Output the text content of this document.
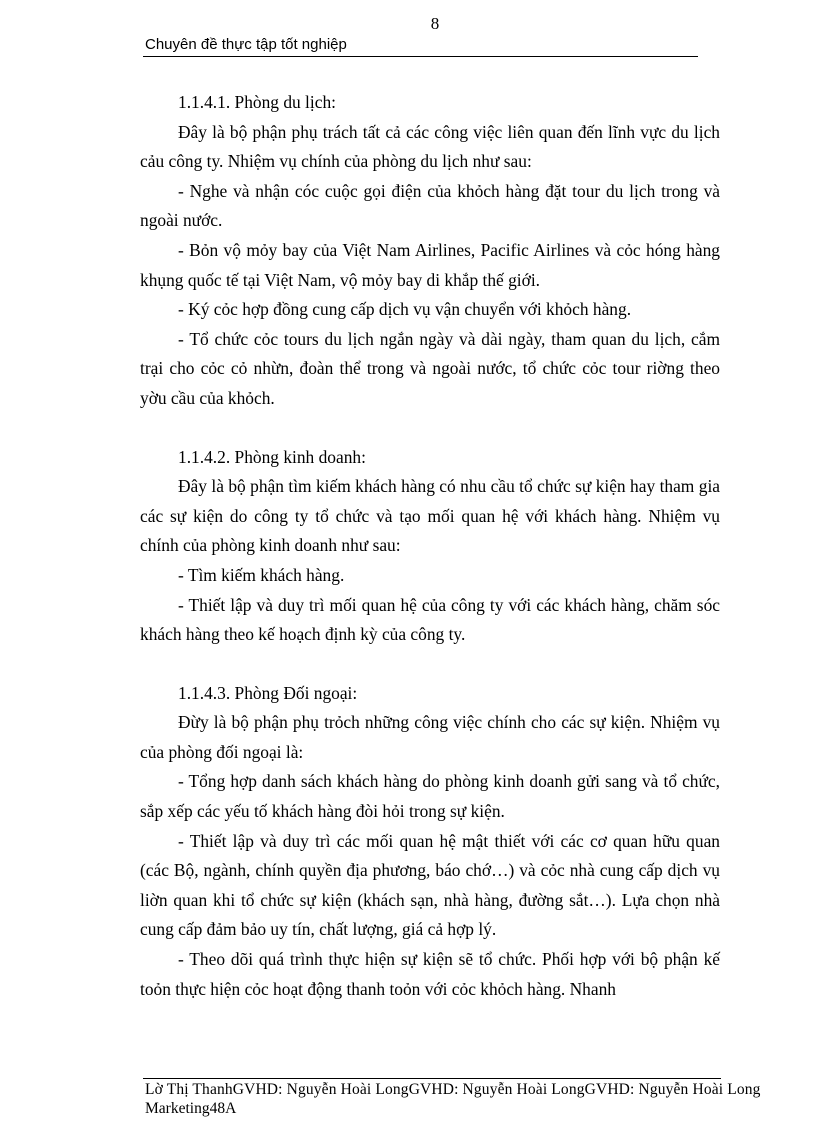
8
Chuyên đề thực tập tốt nghiệp

1.1.4.1. Phòng du lịch:

Đây là bộ phận phụ trách tất cả các công việc liên quan đến lĩnh vực du lịch cảu công ty. Nhiệm vụ chính của phòng du lịch như sau:

- Nghe và nhận cóc cuộc gọi điện của khỏch hàng đặt tour du lịch trong và ngoài nước.

- Bỏn vộ mỏy bay của Việt Nam Airlines, Pacific Airlines và cỏc hóng hàng khụng quốc tế tại Việt Nam, vộ mỏy bay di khắp thế giới.

- Ký cỏc hợp đồng cung cấp dịch vụ vận chuyển với khỏch hàng.

- Tổ chức cỏc tours du lịch ngắn ngày và dài ngày, tham quan du lịch, cắm trại cho cỏc cỏ nhừn, đoàn thể trong và ngoài nước, tổ chức cỏc tour riờng theo yờu cầu của khỏch.

1.1.4.2. Phòng kinh doanh:

Đây là bộ phận tìm kiếm khách hàng có nhu cầu tổ chức sự kiện hay tham gia các sự kiện do công ty tổ chức và tạo mối quan hệ với khách hàng. Nhiệm vụ chính của phòng kinh doanh như sau:

- Tìm kiếm khách hàng.

- Thiết lập và duy trì mối quan hệ của công ty với các khách hàng, chăm sóc khách hàng theo kế hoạch định kỳ của công ty.

1.1.4.3. Phòng Đối ngoại:

Đừy là bộ phận phụ trỏch những công việc chính cho các sự kiện. Nhiệm vụ của phòng đối ngoại là:

- Tổng hợp danh sách khách hàng do phòng kinh doanh gửi sang và tổ chức, sắp xếp các yếu tố khách hàng đòi hỏi trong sự kiện.

- Thiết lập và duy trì các mối quan hệ mật thiết với các cơ quan hữu quan (các Bộ, ngành, chính quyền địa phương, báo chớ…) và cỏc nhà cung cấp dịch vụ liờn quan khi tổ chức sự kiện (khách sạn, nhà hàng, đường sắt…). Lựa chọn nhà cung cấp đảm bảo uy tín, chất lượng, giá cả hợp lý.

- Theo dõi quá trình thực hiện sự kiện sẽ tổ chức. Phối hợp với bộ phận kế toỏn thực hiện cỏc hoạt động thanh toỏn với cỏc khỏch hàng. Nhanh

Lờ Thị ThanhGVHD: Nguyễn Hoài LongGVHD: Nguyễn Hoài LongGVHD: Nguyễn Hoài Long
Marketing48A
